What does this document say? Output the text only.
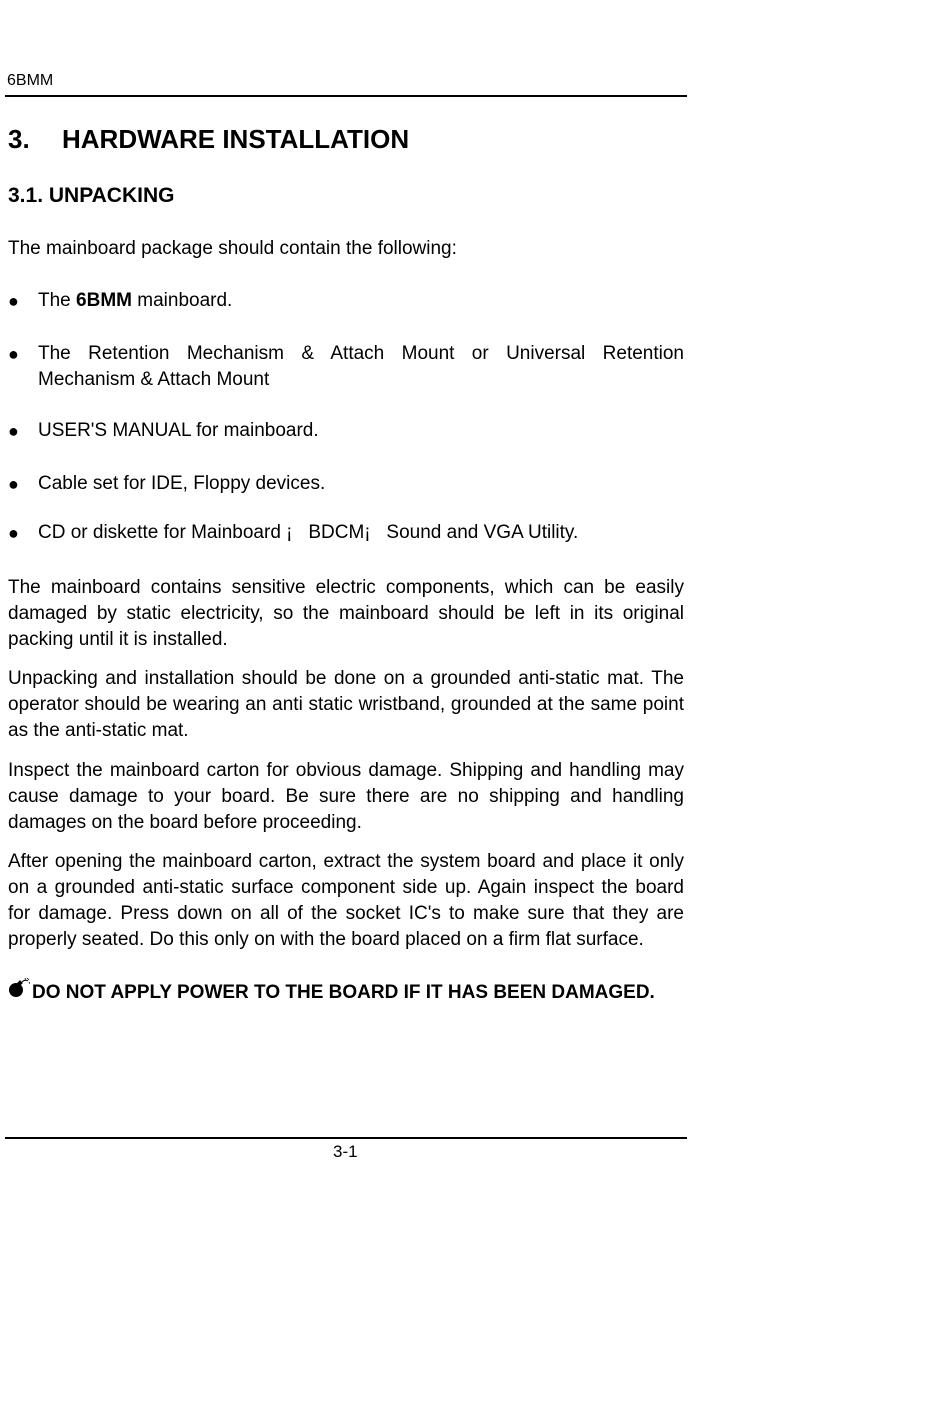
6BMM
3. HARDWARE INSTALLATION
3.1. UNPACKING
The mainboard package should contain the following:
● The 6BMM mainboard.
● The Retention Mechanism & Attach Mount or Universal Retention Mechanism & Attach Mount
● USER'S MANUAL for mainboard.
● Cable set for IDE, Floppy devices.
● CD or diskette for Mainboard ¡   BDCM¡   Sound and VGA Utility.
The mainboard contains sensitive electric components, which can be easily damaged by static electricity, so the mainboard should be left in its original packing until it is installed.
Unpacking and installation should be done on a grounded anti-static mat. The operator should be wearing an anti static wristband, grounded at the same point as the anti-static mat.
Inspect the mainboard carton for obvious damage. Shipping and handling may cause damage to your board. Be sure there are no shipping and handling damages on the board before proceeding.
After opening the mainboard carton, extract the system board and place it only on a grounded anti-static surface component side up. Again inspect the board for damage. Press down on all of the socket IC's to make sure that they are properly seated. Do this only on with the board placed on a firm flat surface.
DO NOT APPLY POWER TO THE BOARD IF IT HAS BEEN DAMAGED.
3-1
